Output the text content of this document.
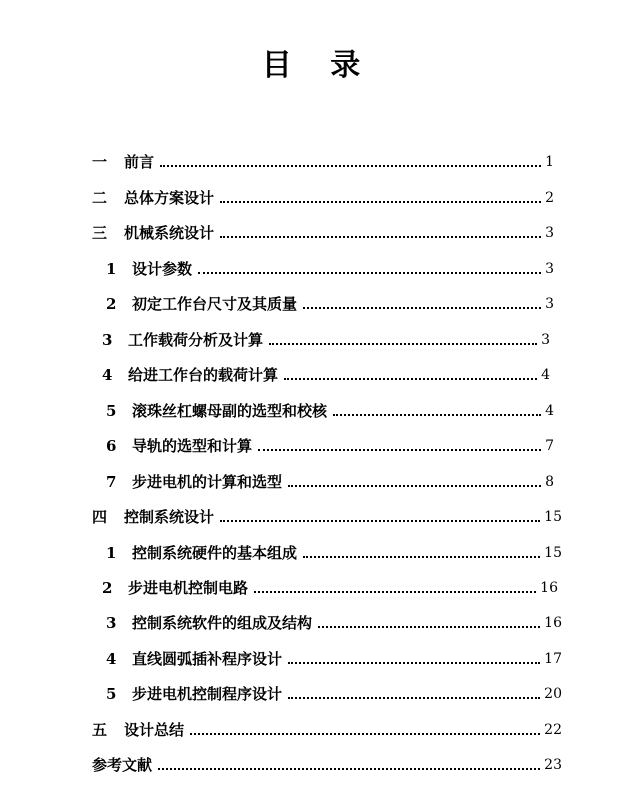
目 录
一	前言	1
二	总体方案设计	2
三	机械系统设计	3
1	设计参数	3
2	初定工作台尺寸及其质量	3
3	工作载荷分析及计算	3
4	给进工作台的载荷计算	4
5	滚珠丝杠螺母副的选型和校核	4
6	导轨的选型和计算	7
7	步进电机的计算和选型	8
四	控制系统设计	15
1	控制系统硬件的基本组成	15
2	步进电机控制电路	16
3	控制系统软件的组成及结构	16
4	直线圆弧插补程序设计	17
5	步进电机控制程序设计	20
五	设计总结	22
参考文献	23
